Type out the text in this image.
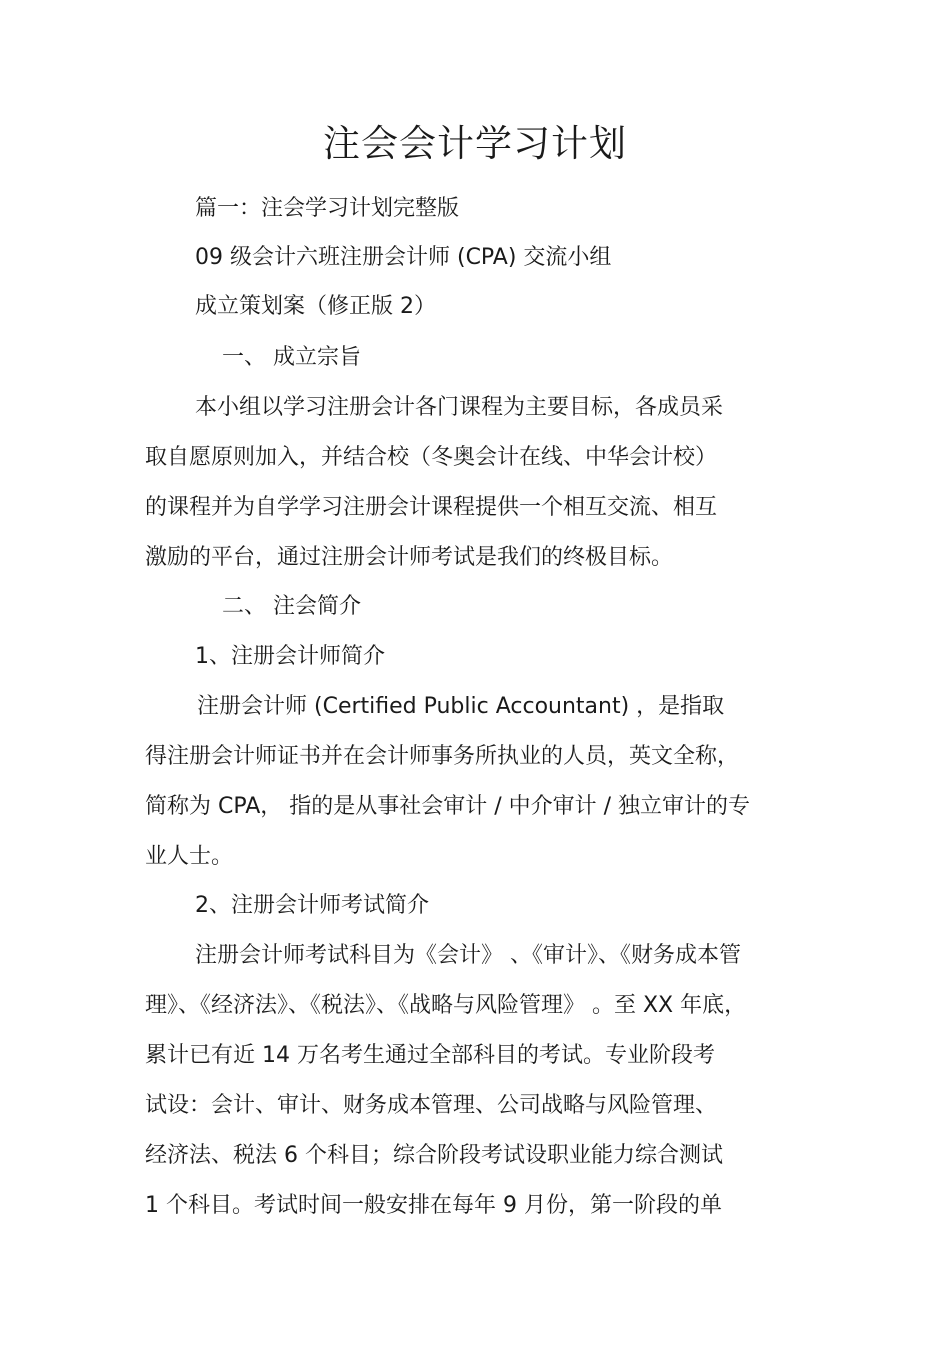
注会会计学习计划
篇一：注会学习计划完整版
09 级会计六班注册会计师 (CPA) 交流小组
成立策划案（修正版 2）
一、 成立宗旨

本小组以学习注册会计各门课程为主要目标，各成员采

取自愿原则加入，并结合校（冬奥会计在线、中华会计校）

的课程并为自学学习注册会计课程提供一个相互交流、相互

激励的平台，通过注册会计师考试是我们的终极目标。

二、 注会简介
1、注册会计师简介

注册会计师 (Certified Public Accountant) ，是指取

得注册会计师证书并在会计师事务所执业的人员，英文全称，

简称为 CPA， 指的是从事社会审计 / 中介审计 / 独立审计的专

业人士。

2、注册会计师考试简介

注册会计师考试科目为《会计》 、《审计》、《财务成本管

理》、《经济法》、《税法》、《战略与风险管理》 。至 XX 年底，

累计已有近 14 万名考生通过全部科目的考试。专业阶段考

试设：会计、审计、财务成本管理、公司战略与风险管理、

经济法、税法 6 个科目；综合阶段考试设职业能力综合测试

1 个科目。考试时间一般安排在每年 9 月份，第一阶段的单
